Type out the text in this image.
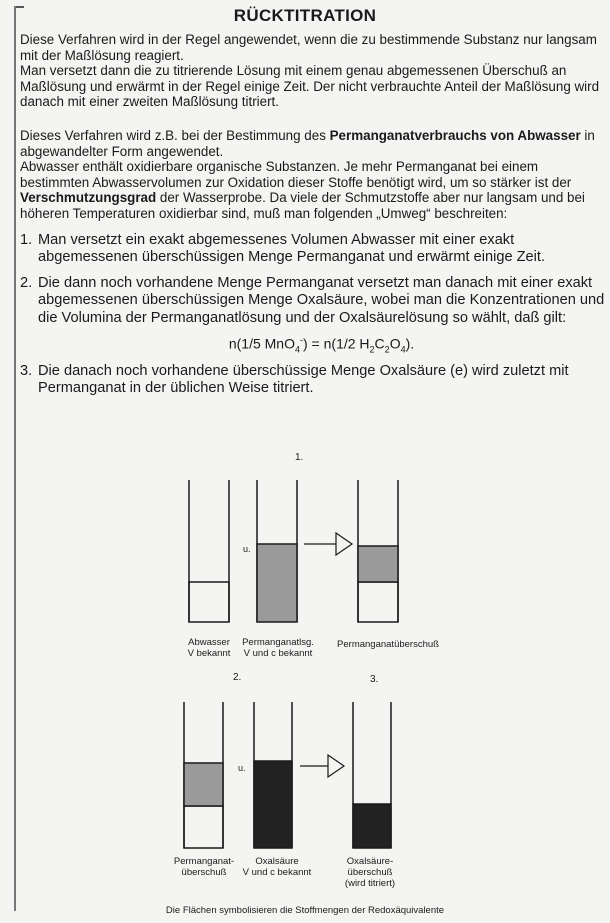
RÜCKTITRATION

Diese Verfahren wird in der Regel angewendet, wenn die zu bestimmende Substanz nur langsam mit der Maßlösung reagiert.

Man versetzt dann die zu titrierende Lösung mit einem genau abgemessenen Überschuß an Maßlösung und erwärmt in der Regel einige Zeit. Der nicht verbrauchte Anteil der Maßlösung wird danach mit einer zweiten Maßlösung titriert.

Dieses Verfahren wird z.B. bei der Bestimmung des Permanganatverbrauchs von Abwasser in abgewandelter Form angewendet.

Abwasser enthält oxidierbare organische Substanzen. Je mehr Permanganat bei einem bestimmten Abwasservolumen zur Oxidation dieser Stoffe benötigt wird, um so stärker ist der Verschmutzungsgrad der Wasserprobe. Da viele der Schmutzstoffe aber nur langsam und bei höheren Temperaturen oxidierbar sind, muß man folgenden „Umweg“ beschreiten:

1. Man versetzt ein exakt abgemessenes Volumen Abwasser mit einer exakt abgemessenen überschüssigen Menge Permanganat und erwärmt einige Zeit.
2. Die dann noch vorhandene Menge Permanganat versetzt man danach mit einer exakt abgemessenen überschüssigen Menge Oxalsäure, wobei man die Konzentrationen und die Volumina der Permanganatlösung und der Oxalsäurelösung so wählt, daß gilt:
n(1/5 MnO$_4$-) = n(1/2 $H_2C_2O_4$).
3. Die danach noch vorhandene überschüssige Menge Oxalsäure (e) wird zuletzt mit Permanganat in der üblichen Weise titriert.
1.
u.
Abwasser
V bekannt
Permanganatlsg.
V und c bekannt
Permanganatüberschuß
2.	3.
u.
Permanganat-
überschuß
Oxalsäure
V und c bekannt
Oxalsäure-
überschuß
(wird titriert)
Die Flächen symbolisieren die Stoffmengen der Redoxäquivalente
